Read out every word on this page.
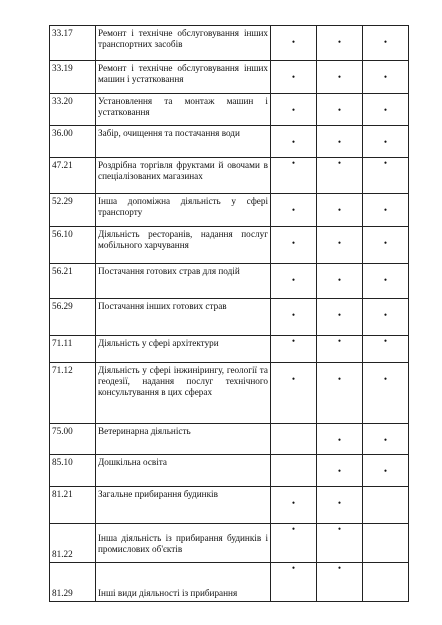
33.17	Ремонт і технічне обслуговування інших транспортних засобів	•	•	•
33.19	Ремонт і технічне обслуговування інших машин і устатковання	•	•	•
33.20	Установлення та монтаж машин і устатковання	•	•	•
36.00	Забір, очищення та постачання води	•	•	•
47.21	Роздрібна торгівля фруктами й овочами в спеціалізованих магазинах	•	•	•
52.29	Інша допоміжна діяльність у сфері транспорту	•	•	•
56.10	Діяльність ресторанів, надання послуг мобільного харчування	•	•	•
56.21	Постачання готових страв для подій	•	•	•
56.29	Постачання інших готових страв	•	•	•
71.11	Діяльність у сфері архітектури	•	•	•
71.12	Діяльність у сфері інжинірингу, геології та геодезії, надання послуг технічного консультування в цих сферах	•	•	•
75.00	Ветеринарна діяльність		•	•
85.10	Дошкільна освіта		•	•
81.21	Загальне прибирання будинків	•	•	
81.22	Інша діяльність із прибирання будинків і промислових об'єктів	•	•	
81.29	Інші види діяльності із прибирання	•	•	
